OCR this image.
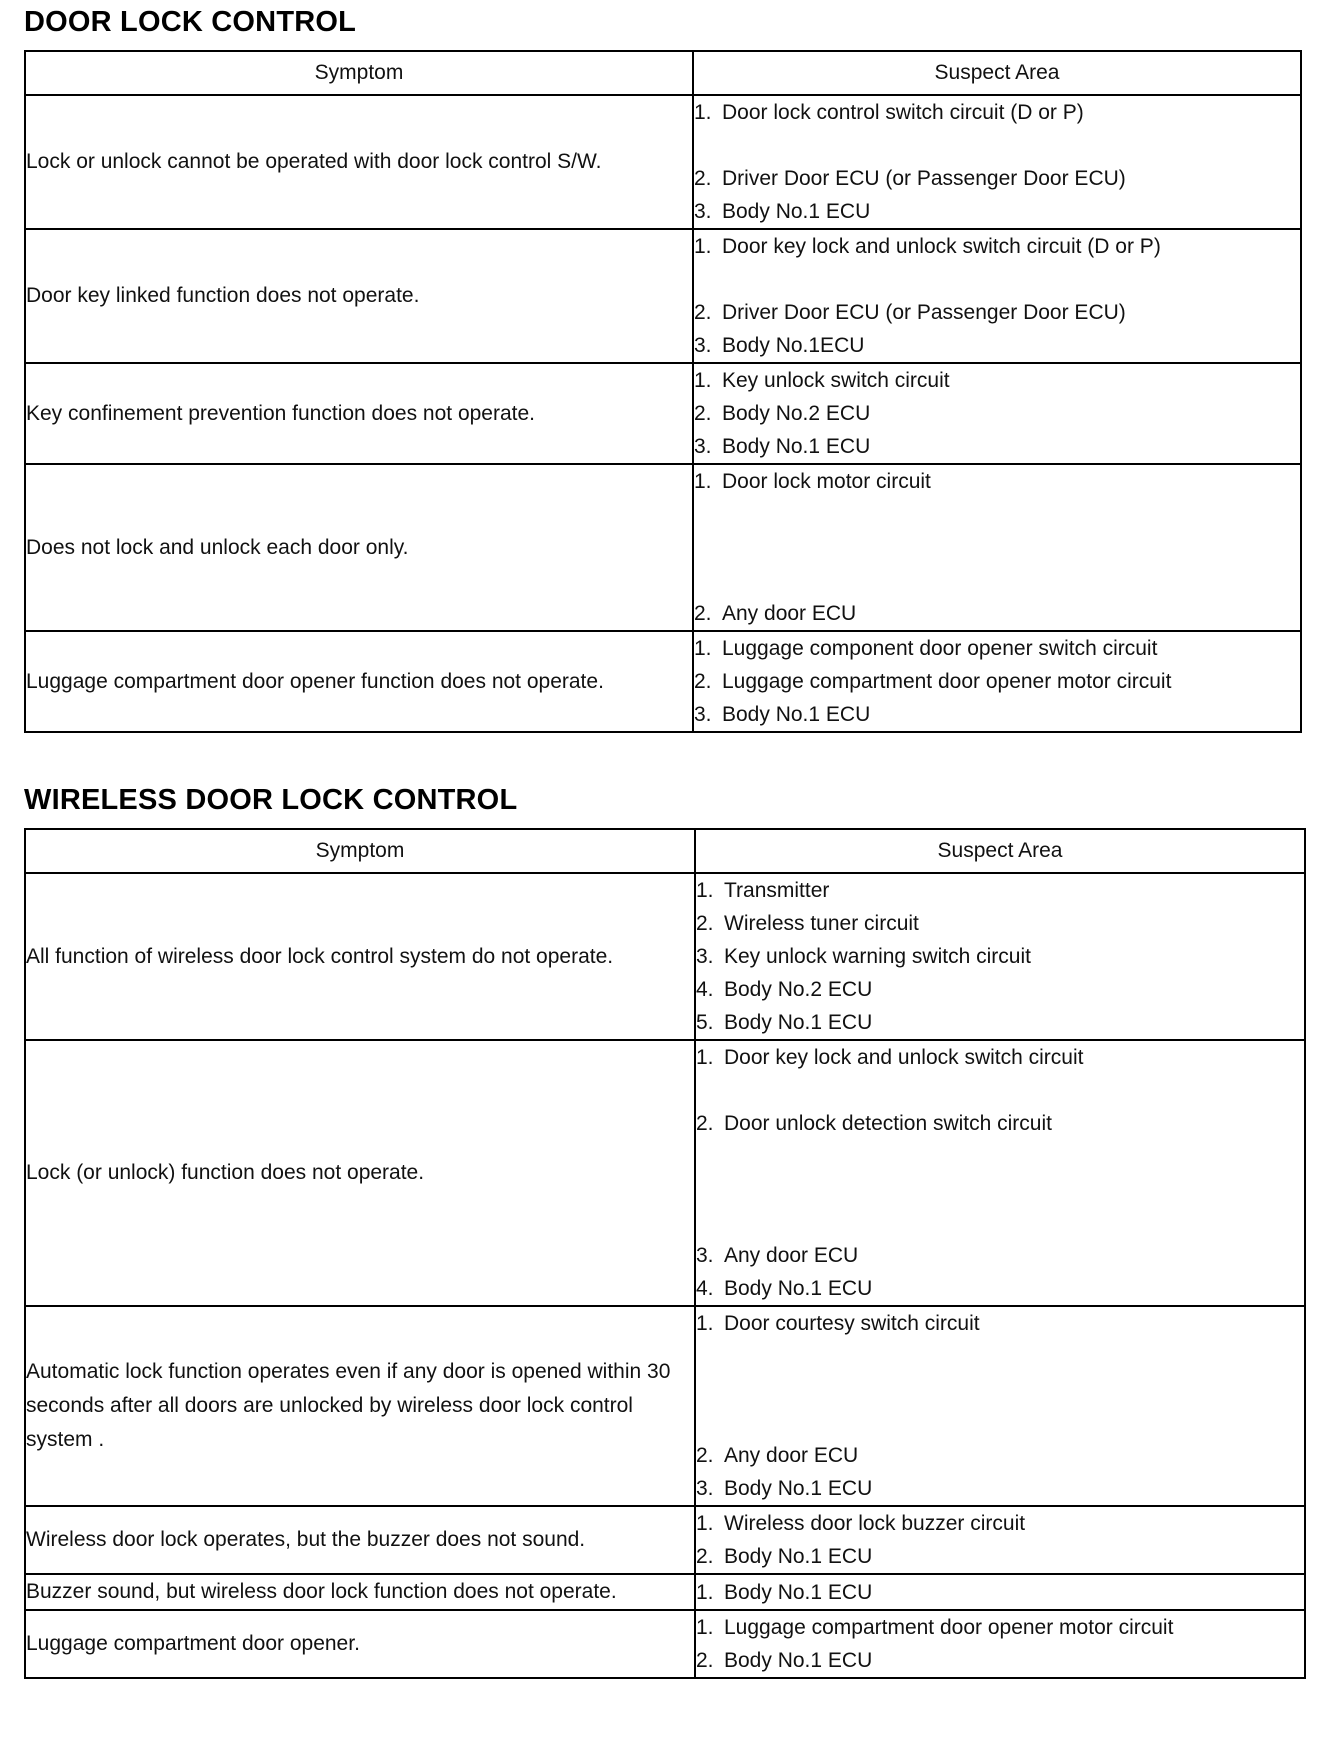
DOOR LOCK CONTROL
Symptom	Suspect Area
Lock or unlock cannot be operated with door lock control S/W.	1. Door lock control switch circuit (D or P)
2. Driver Door ECU (or Passenger Door ECU)
3. Body No.1 ECU

Door key linked function does not operate.	1. Door key lock and unlock switch circuit (D or P)
2. Driver Door ECU (or Passenger Door ECU)
3. Body No.1ECU

Key confinement prevention function does not operate.	1. Key unlock switch circuit
2. Body No.2 ECU
3. Body No.1 ECU

Does not lock and unlock each door only.	1. Door lock motor circuit
2. Any door ECU

Luggage compartment door opener function does not operate.	1. Luggage component door opener switch circuit
2. Luggage compartment door opener motor circuit
3. Body No.1 ECU
WIRELESS DOOR LOCK CONTROL
Symptom	Suspect Area
All function of wireless door lock control system do not operate.	1. Transmitter
2. Wireless tuner circuit
3. Key unlock warning switch circuit
4. Body No.2 ECU
5. Body No.1 ECU

Lock (or unlock) function does not operate.	1. Door key lock and unlock switch circuit
2. Door unlock detection switch circuit
3. Any door ECU
4. Body No.1 ECU

Automatic lock function operates even if any door is opened within 30 seconds after all doors are unlocked by wireless door lock control system .	1. Door courtesy switch circuit
2. Any door ECU
3. Body No.1 ECU

Wireless door lock operates, but the buzzer does not sound.	1. Wireless door lock buzzer circuit
2. Body No.1 ECU

Buzzer sound, but wireless door lock function does not operate.	1. Body No.1 ECU

Luggage compartment door opener.	1. Luggage compartment door opener motor circuit
2. Body No.1 ECU
